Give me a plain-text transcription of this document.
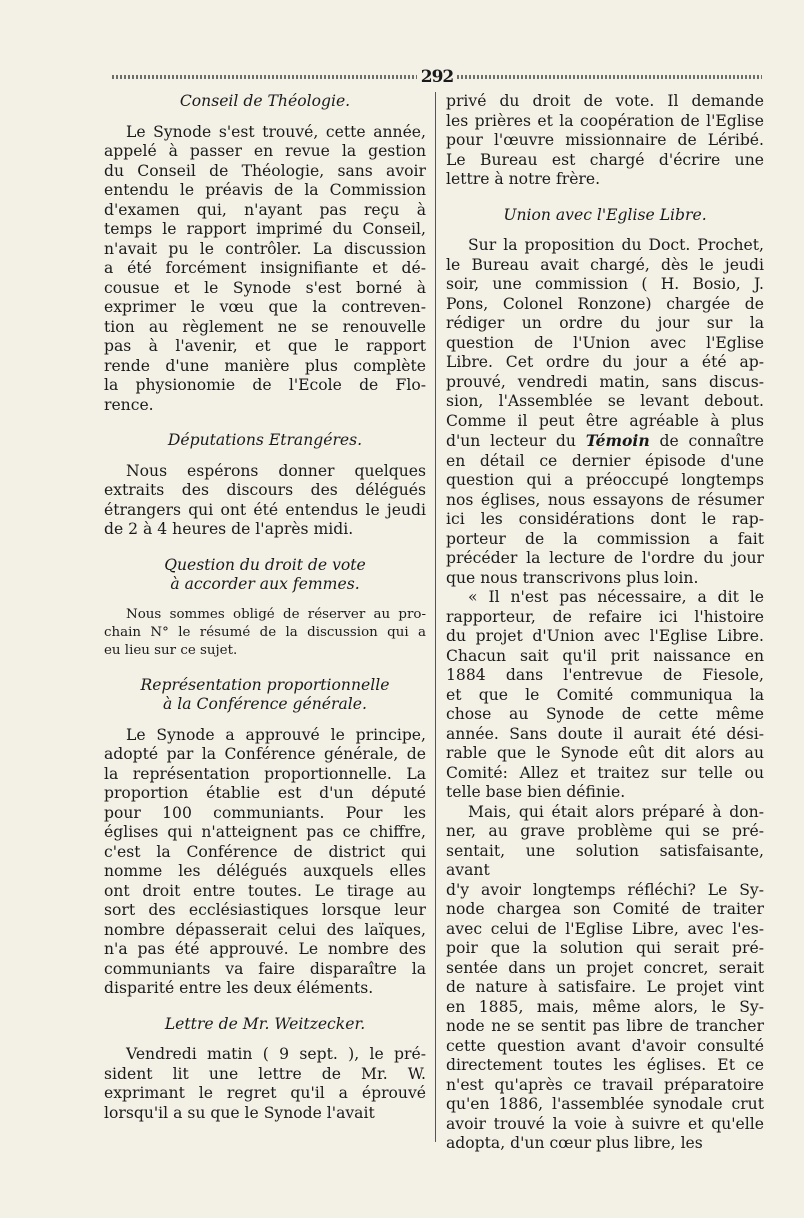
292

Conseil de Théologie.

Le Synode s'est trouvé, cette année,
appelé à passer en revue la gestion
du Conseil de Théologie, sans avoir
entendu le préavis de la Commission
d'examen qui, n'ayant pas reçu à
temps le rapport imprimé du Conseil,
n'avait pu le contrôler. La discussion
a été forcément insignifiante et dé-
cousue et le Synode s'est borné à
exprimer le vœu que la contreven-
tion au règlement ne se renouvelle
pas à l'avenir, et que le rapport
rende d'une manière plus complète
la physionomie de l'Ecole de Flo-
rence.

Députations Etrangéres.

Nous espérons donner quelques
extraits des discours des délégués
étrangers qui ont été entendus le jeudi
de 2 à 4 heures de l'après midi.

Question du droit de vote

à accorder aux femmes.

Nous sommes obligé de réserver au pro-
chain N° le résumé de la discussion qui a
eu lieu sur ce sujet.

Représentation proportionnelle

à la Conférence générale.

Le Synode a approuvé le principe,
adopté par la Conférence générale, de
la représentation proportionnelle. La
proportion établie est d'un député
pour 100 communiants. Pour les
églises qui n'atteignent pas ce chiffre,
c'est la Conférence de district qui
nomme les délégués auxquels elles
ont droit entre toutes. Le tirage au
sort des ecclésiastiques lorsque leur
nombre dépasserait celui des laïques,
n'a pas été approuvé. Le nombre des
communiants va faire disparaître la
disparité entre les deux éléments.

Lettre de Mr. Weitzecker.

Vendredi matin ( 9 sept. ), le pré-
sident lit une lettre de Mr. W.
exprimant le regret qu'il a éprouvé
lorsqu'il a su que le Synode l'avait
privé du droit de vote. Il demande
les prières et la coopération de l'Eglise
pour l'œuvre missionnaire de Léribé.
Le Bureau est chargé d'écrire une
lettre à notre frère.

Union avec l'Eglise Libre.

Sur la proposition du Doct. Prochet,
le Bureau avait chargé, dès le jeudi
soir, une commission ( H. Bosio, J.
Pons, Colonel Ronzone) chargée de
rédiger un ordre du jour sur la
question de l'Union avec l'Eglise
Libre. Cet ordre du jour a été ap-
prouvé, vendredi matin, sans discus-
sion, l'Assemblée se levant debout.
Comme il peut être agréable à plus
d'un lecteur du Témoin de connaître
en détail ce dernier épisode d'une
question qui a préoccupé longtemps
nos églises, nous essayons de résumer
ici les considérations dont le rap-
porteur de la commission a fait
précéder la lecture de l'ordre du jour
que nous transcrivons plus loin.
« Il n'est pas nécessaire, a dit le
rapporteur, de refaire ici l'histoire
du projet d'Union avec l'Eglise Libre.
Chacun sait qu'il prit naissance en
1884 dans l'entrevue de Fiesole,
et que le Comité communiqua la
chose au Synode de cette même
année. Sans doute il aurait été dési-
rable que le Synode eût dit alors au
Comité: Allez et traitez sur telle ou
telle base bien définie.
Mais, qui était alors préparé à don-
ner, au grave problème qui se pré-
sentait, une solution satisfaisante, avant
d'y avoir longtemps réfléchi? Le Sy-
node chargea son Comité de traiter
avec celui de l'Eglise Libre, avec l'es-
poir que la solution qui serait pré-
sentée dans un projet concret, serait
de nature à satisfaire. Le projet vint
en 1885, mais, même alors, le Sy-
node ne se sentit pas libre de trancher
cette question avant d'avoir consulté
directement toutes les églises. Et ce
n'est qu'après ce travail préparatoire
qu'en 1886, l'assemblée synodale crut
avoir trouvé la voie à suivre et qu'elle
adopta, d'un cœur plus libre, les
